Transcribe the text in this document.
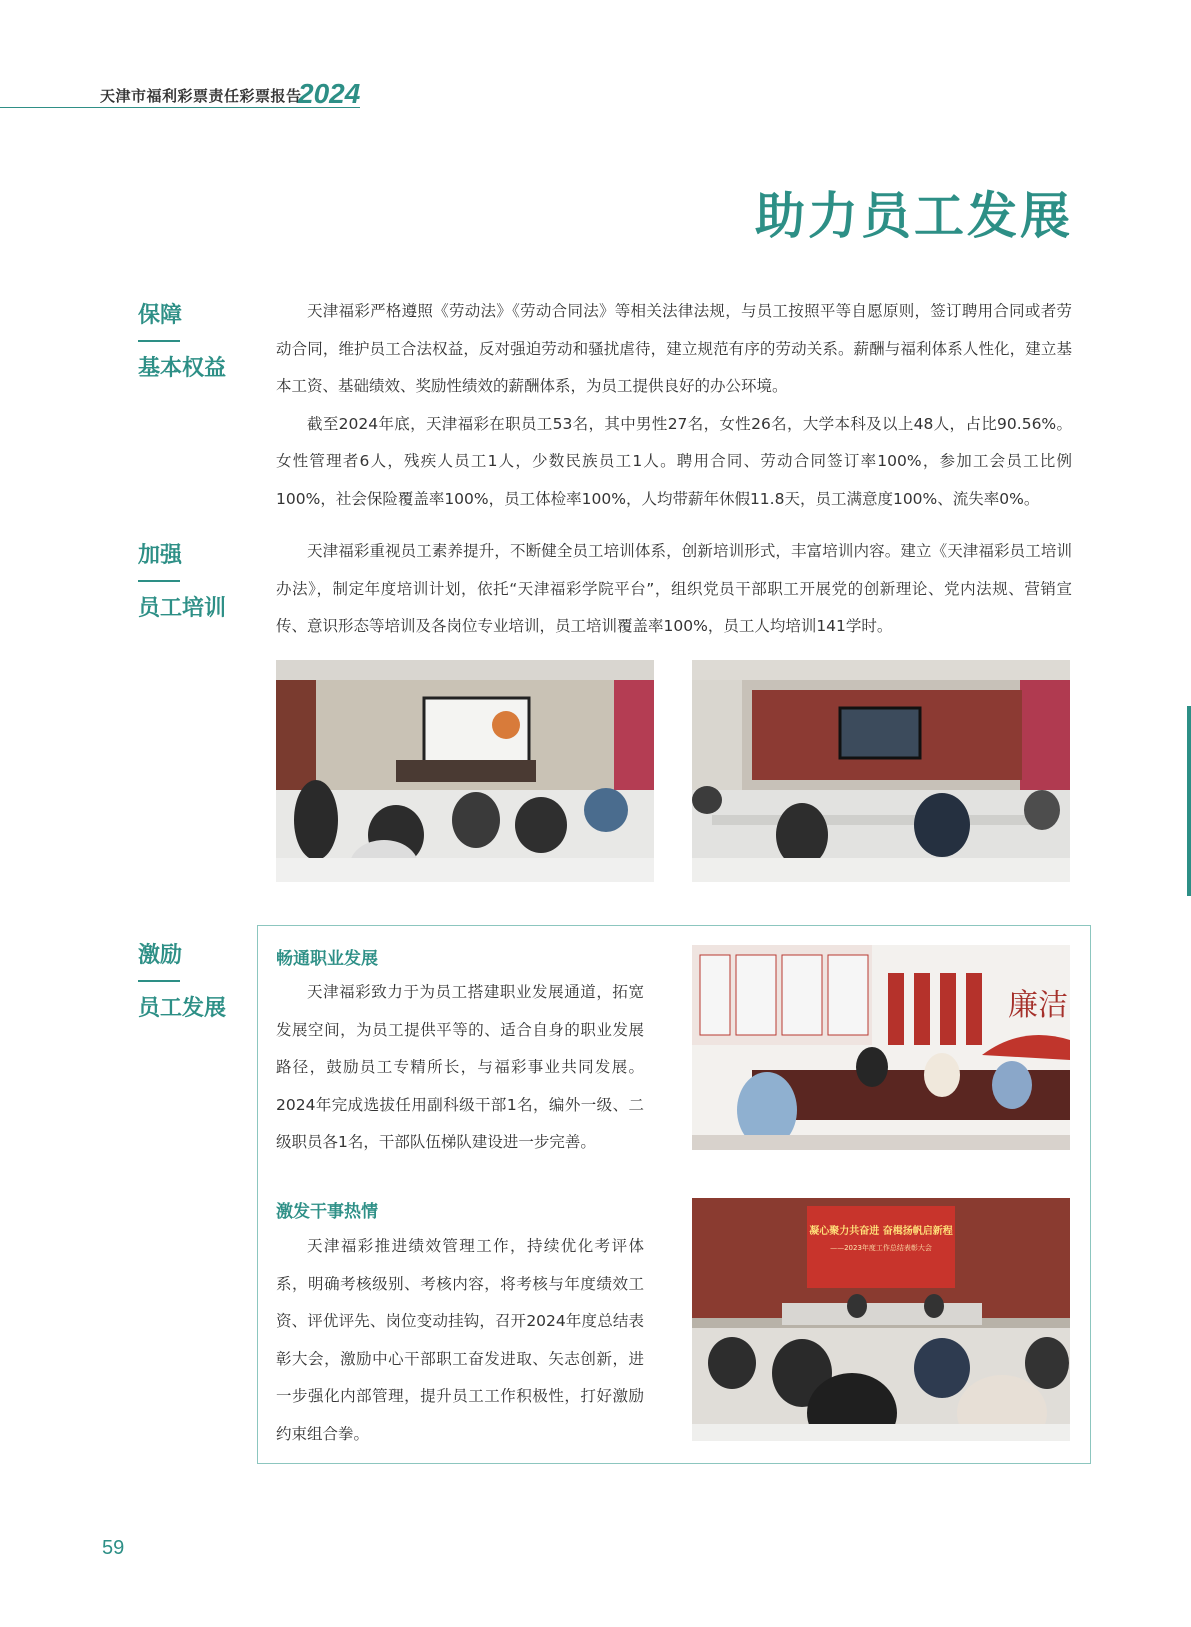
天津市福利彩票责任彩票报告
2024
助力员工发展
保障
基本权益

天津福彩严格遵照《劳动法》《劳动合同法》等相关法律法规，与员工按照平等自愿原则，签订聘用合同或者劳动合同，维护员工合法权益，反对强迫劳动和骚扰虐待，建立规范有序的劳动关系。薪酬与福利体系人性化，建立基本工资、基础绩效、奖励性绩效的薪酬体系，为员工提供良好的办公环境。

截至2024年底，天津福彩在职员工53名，其中男性27名，女性26名，大学本科及以上48人，占比90.56%。女性管理者6人，残疾人员工1人，少数民族员工1人。聘用合同、劳动合同签订率100%，参加工会员工比例100%，社会保险覆盖率100%，员工体检率100%，人均带薪年休假11.8天，员工满意度100%、流失率0%。

加强
员工培训

天津福彩重视员工素养提升，不断健全员工培训体系，创新培训形式，丰富培训内容。建立《天津福彩员工培训办法》，制定年度培训计划，依托“天津福彩学院平台”，组织党员干部职工开展党的创新理论、党内法规、营销宣传、意识形态等培训及各岗位专业培训，员工培训覆盖率100%，员工人均培训141学时。

激励
员工发展
畅通职业发展

天津福彩致力于为员工搭建职业发展通道，拓宽发展空间，为员工提供平等的、适合自身的职业发展路径，鼓励员工专精所长，与福彩事业共同发展。2024年完成选拔任用副科级干部1名，编外一级、二级职员各1名，干部队伍梯队建设进一步完善。

廉洁
激发干事热情

天津福彩推进绩效管理工作，持续优化考评体系，明确考核级别、考核内容，将考核与年度绩效工资、评优评先、岗位变动挂钩，召开2024年度总结表彰大会，激励中心干部职工奋发进取、矢志创新，进一步强化内部管理，提升员工工作积极性，打好激励约束组合拳。

凝心聚力共奋进 奋楫扬帆启新程
——2023年度工作总结表彰大会
59
